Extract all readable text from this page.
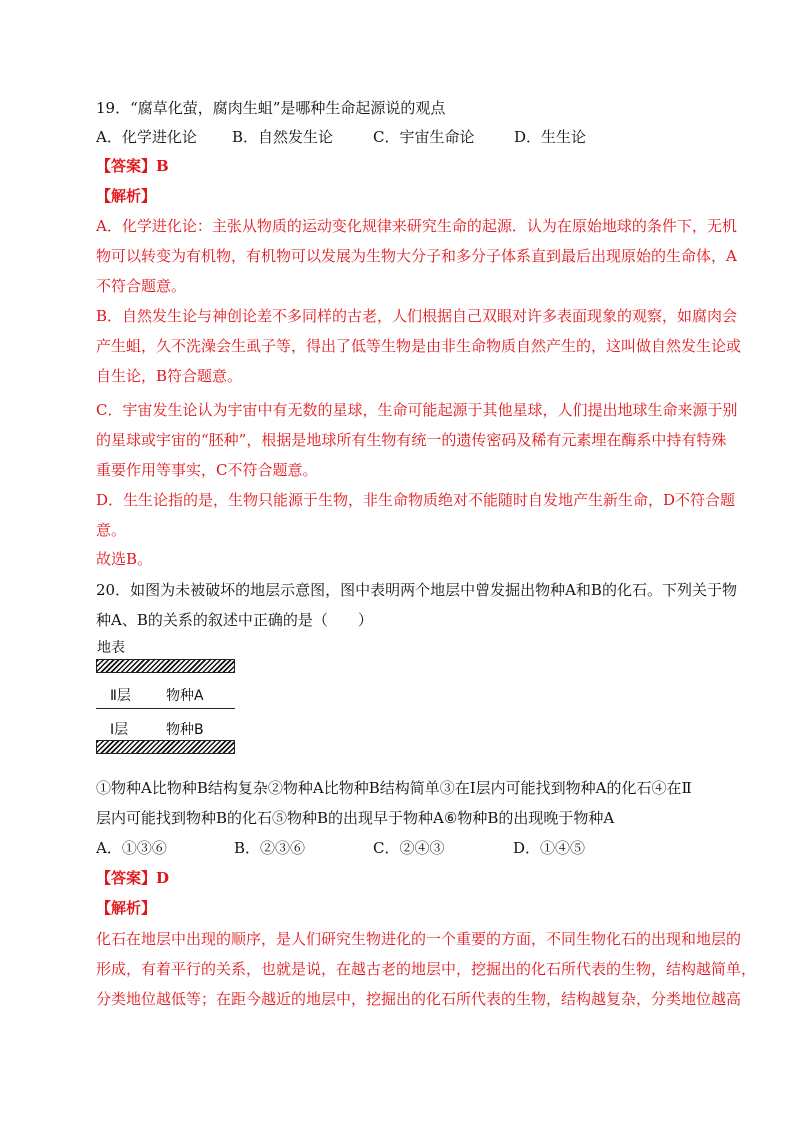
19．“腐草化萤，腐肉生蛆”是哪种生命起源说的观点
A．化学进化论 B．自然发生论	C．宇宙生命论	D．生生论
【答案】B
【解析】
A．化学进化论：主张从物质的运动变化规律来研究生命的起源．认为在原始地球的条件下，无机
物可以转变为有机物，有机物可以发展为生物大分子和多分子体系直到最后出现原始的生命体，A
不符合题意。
B．自然发生论与神创论差不多同样的古老，人们根据自己双眼对许多表面现象的观察，如腐肉会
产生蛆，久不洗澡会生虱子等，得出了低等生物是由非生命物质自然产生的，这叫做自然发生论或
自生论，B符合题意。
C．宇宙发生论认为宇宙中有无数的星球，生命可能起源于其他星球，人们提出地球生命来源于别
的星球或宇宙的“胚种”，根据是地球所有生物有统一的遗传密码及稀有元素埋在酶系中持有特殊
重要作用等事实，C不符合题意。
D．生生论指的是，生物只能源于生物，非生命物质绝对不能随时自发地产生新生命，D不符合题
意。
故选B。
20．如图为未被破坏的地层示意图，图中表明两个地层中曾发掘出物种A和B的化石。下列关于物
种A、B的关系的叙述中正确的是（　　）
地表
Ⅱ层	物种A
Ⅰ层	物种B
①物种A比物种B结构复杂②物种A比物种B结构简单③在Ⅰ层内可能找到物种A的化石④在Ⅱ
层内可能找到物种B的化石⑤物种B的出现早于物种A⑥物种B的出现晚于物种A
A．①③⑥	B．②③⑥	C．②④③	D．①④⑤
【答案】D
【解析】
化石在地层中出现的顺序，是人们研究生物进化的一个重要的方面，不同生物化石的出现和地层的
形成，有着平行的关系，也就是说，在越古老的地层中，挖掘出的化石所代表的生物，结构越简单，
分类地位越低等；在距今越近的地层中，挖掘出的化石所代表的生物，结构越复杂，分类地位越高
